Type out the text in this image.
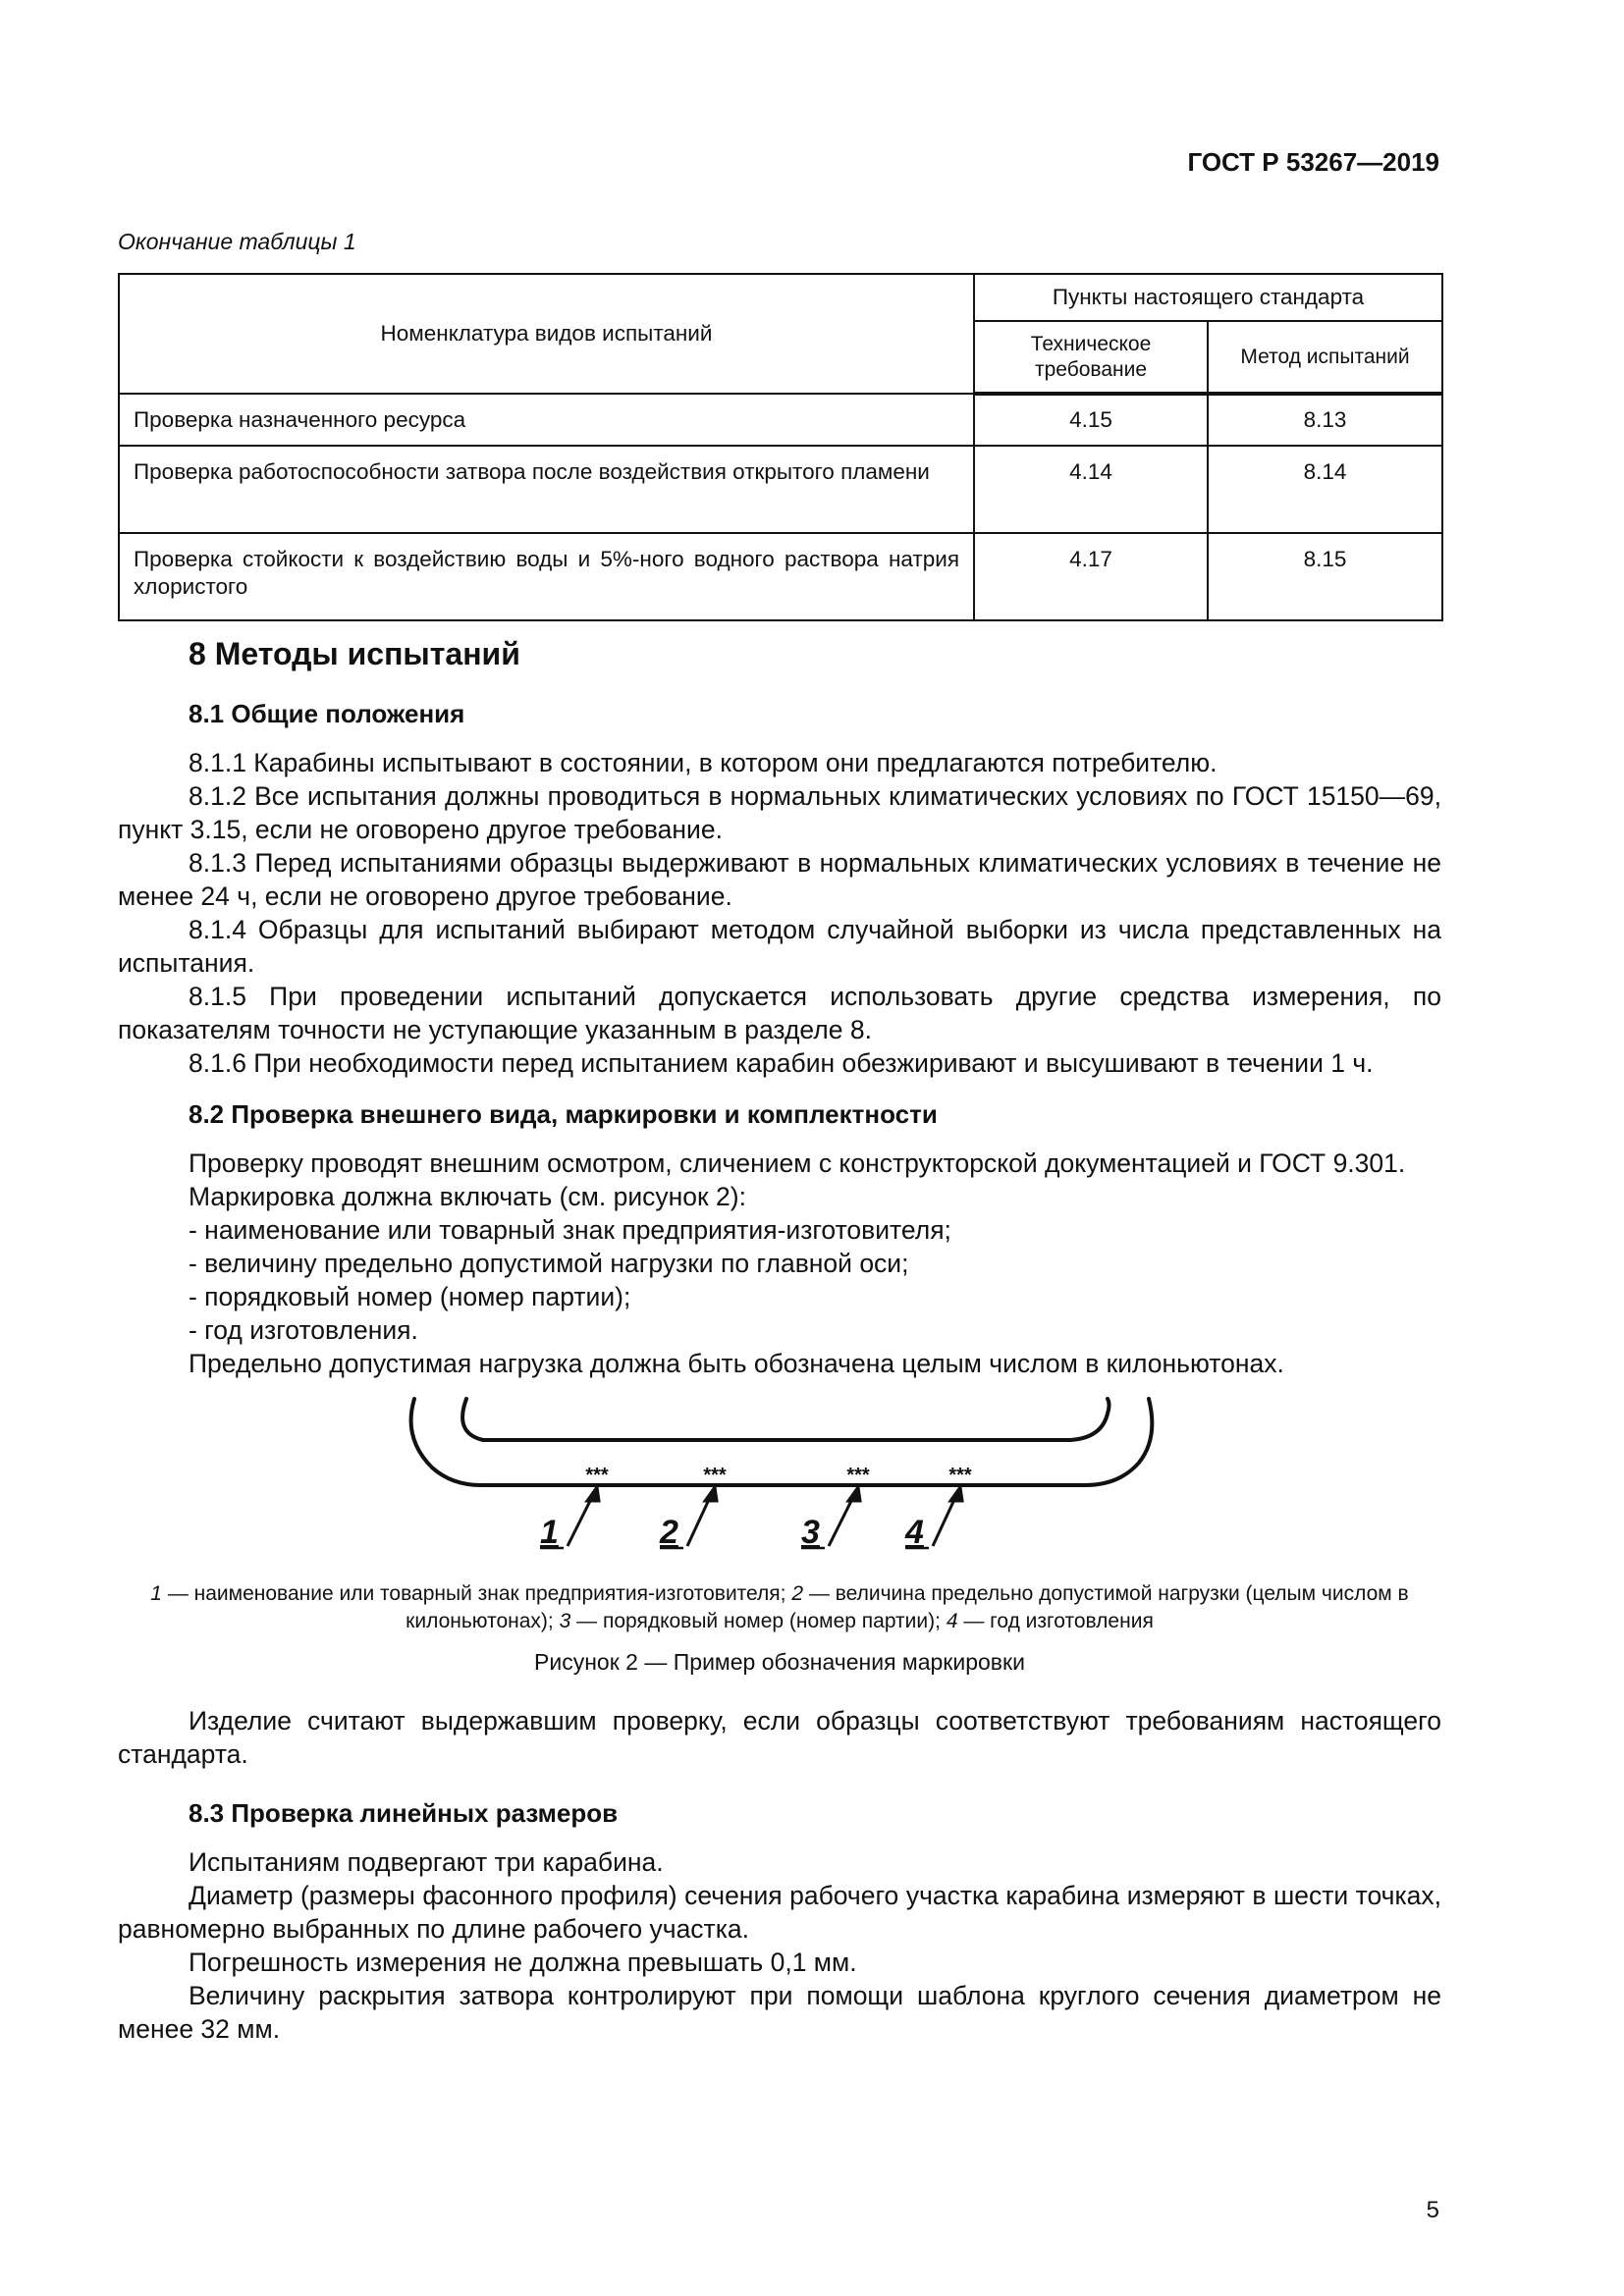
ГОСТ Р 53267—2019
Окончание таблицы 1
Номенклатура видов испытаний	Пункты настоящего стандарта	
	Техническое требование	Метод испытаний
Проверка назначенного ресурса	4.15	8.13
Проверка работоспособности затвора после воздействия открытого пламени	4.14	8.14
Проверка стойкости к воздействию воды и 5%-ного водного раствора натрия хлористого	4.17	8.15
8 Методы испытаний
8.1 Общие положения

8.1.1 Карабины испытывают в состоянии, в котором они предлагаются потребителю.

8.1.2 Все испытания должны проводиться в нормальных климатических условиях по ГОСТ 15150—69, пункт 3.15, если не оговорено другое требование.

8.1.3 Перед испытаниями образцы выдерживают в нормальных климатических условиях в течение не менее 24 ч, если не оговорено другое требование.

8.1.4 Образцы для испытаний выбирают методом случайной выборки из числа представленных на испытания.

8.1.5 При проведении испытаний допускается использовать другие средства измерения, по показателям точности не уступающие указанным в разделе 8.

8.1.6 При необходимости перед испытанием карабин обезжиривают и высушивают в течении 1 ч.

8.2 Проверка внешнего вида, маркировки и комплектности

Проверку проводят внешним осмотром, сличением с конструкторской документацией и ГОСТ 9.301.

Маркировка должна включать (см. рисунок 2):

- наименование или товарный знак предприятия-изготовителя;

- величину предельно допустимой нагрузки по главной оси;

- порядковый номер (номер партии);

- год изготовления.

Предельно допустимая нагрузка должна быть обозначена целым числом в килоньютонах.

***	***	***	***
1	2	3	4
1 — наименование или товарный знак предприятия-изготовителя; 2 — величина предельно допустимой нагрузки (целым числом в килоньютонах); 3 — порядковый номер (номер партии); 4 — год изготовления
Рисунок 2 — Пример обозначения маркировки

Изделие считают выдержавшим проверку, если образцы соответствуют требованиям настоящего стандарта.

8.3 Проверка линейных размеров

Испытаниям подвергают три карабина.

Диаметр (размеры фасонного профиля) сечения рабочего участка карабина измеряют в шести точках, равномерно выбранных по длине рабочего участка.

Погрешность измерения не должна превышать 0,1 мм.

Величину раскрытия затвора контролируют при помощи шаблона круглого сечения диаметром не менее 32 мм.

5
